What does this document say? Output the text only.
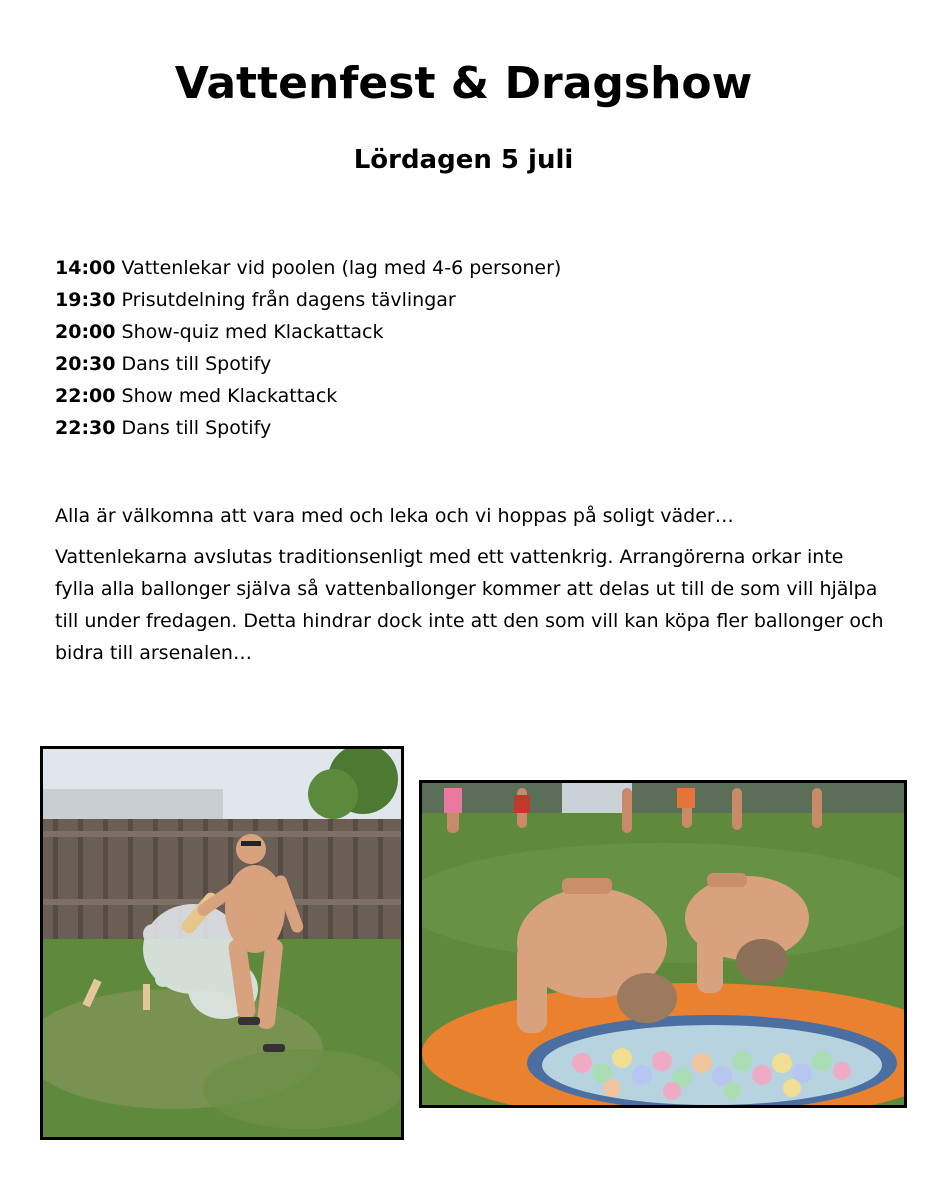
Vattenfest & Dragshow
Lördagen 5 juli
14:00 Vattenlekar vid poolen (lag med 4-6 personer)
19:30 Prisutdelning från dagens tävlingar
20:00 Show-quiz med Klackattack
20:30 Dans till Spotify
22:00 Show med Klackattack
22:30 Dans till Spotify
Alla är välkomna att vara med och leka och vi hoppas på soligt väder…
Vattenlekarna avslutas traditionsenligt med ett vattenkrig. Arrangörerna orkar inte fylla alla ballonger själva så vattenballonger kommer att delas ut till de som vill hjälpa till under fredagen. Detta hindrar dock inte att den som vill kan köpa fler ballonger och bidra till arsenalen…
